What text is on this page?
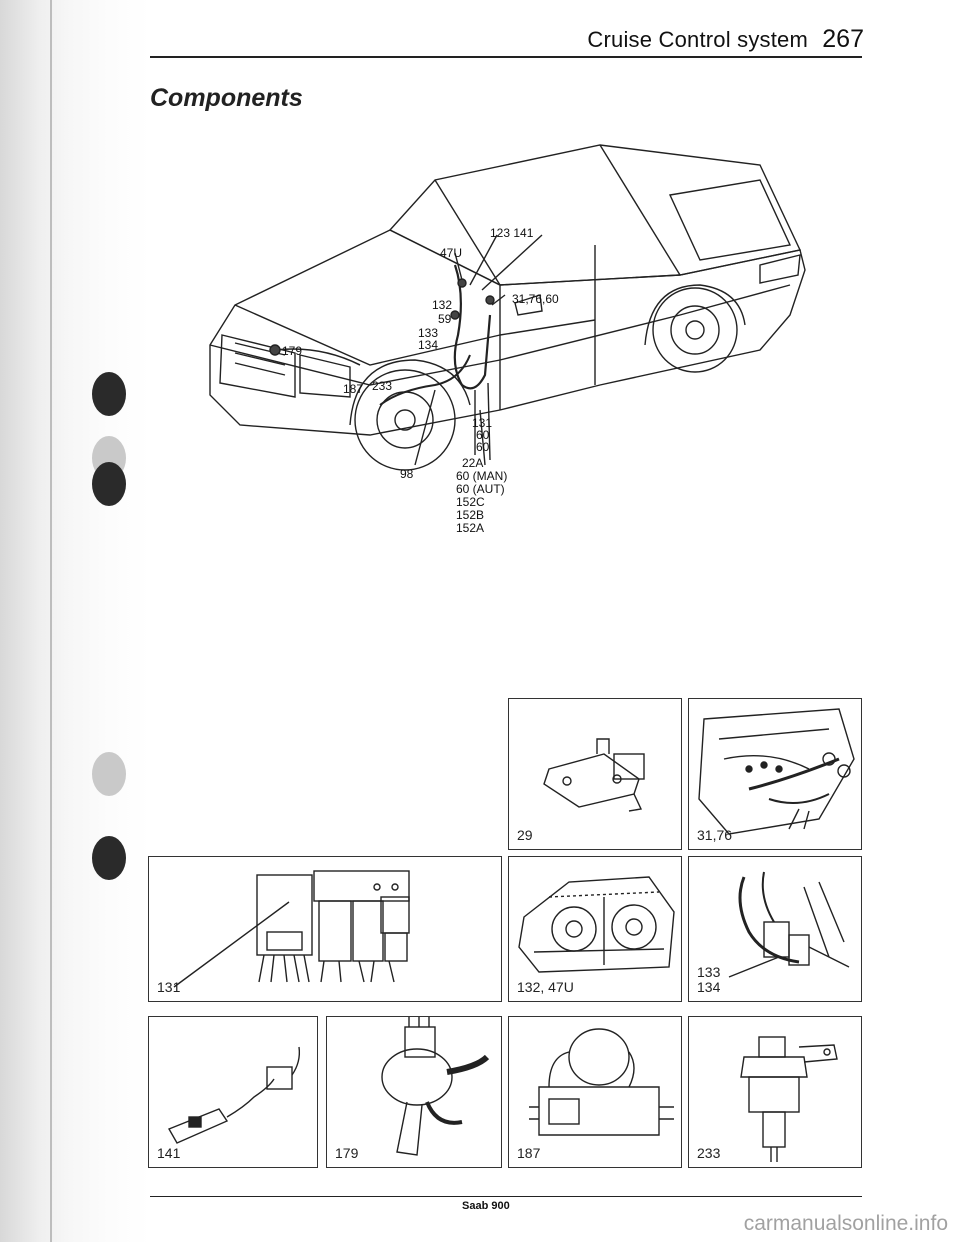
Cruise Control system 267
Components
123 141
47U
31,76,60
132
59
133
134
179
187 233
131
60
60
98
22A
60 (MAN)
60 (AUT)
152C
152B
152A
29	31,76
131	132, 47U
133
134
141	179	187	233
Saab 900
carmanualsonline.info
